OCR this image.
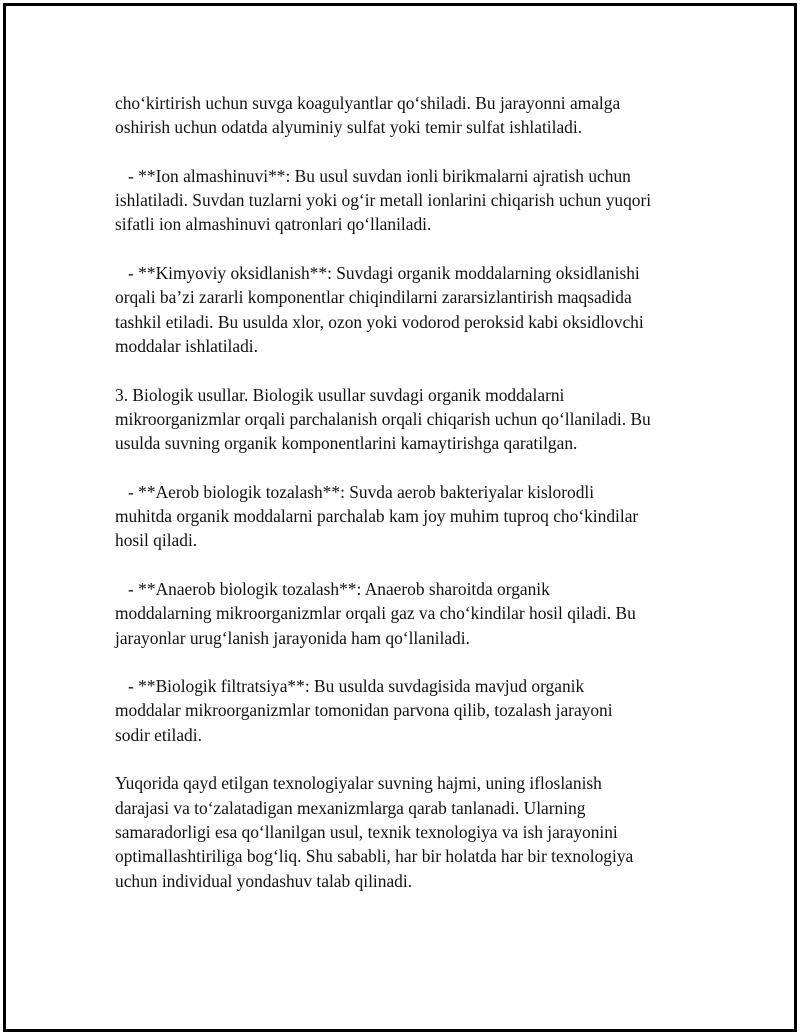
cho‘kirtirish uchun suvga koagulyantlar qo‘shiladi. Bu jarayonni amalga

oshirish uchun odatda alyuminiy sulfat yoki temir sulfat ishlatiladi.

- **Ion almashinuvi**: Bu usul suvdan ionli birikmalarni ajratish uchun

ishlatiladi. Suvdan tuzlarni yoki og‘ir metall ionlarini chiqarish uchun yuqori

sifatli ion almashinuvi qatronlari qo‘llaniladi.

- **Kimyoviy oksidlanish**: Suvdagi organik moddalarning oksidlanishi

orqali ba’zi zararli komponentlar chiqindilarni zararsizlantirish maqsadida

tashkil etiladi. Bu usulda xlor, ozon yoki vodorod peroksid kabi oksidlovchi

moddalar ishlatiladi.

3. Biologik usullar. Biologik usullar suvdagi organik moddalarni

mikroorganizmlar orqali parchalanish orqali chiqarish uchun qo‘llaniladi. Bu

usulda suvning organik komponentlarini kamaytirishga qaratilgan.

- **Aerob biologik tozalash**: Suvda aerob bakteriyalar kislorodli

muhitda organik moddalarni parchalab kam joy muhim tuproq cho‘kindilar

hosil qiladi.

- **Anaerob biologik tozalash**: Anaerob sharoitda organik

moddalarning mikroorganizmlar orqali gaz va cho‘kindilar hosil qiladi. Bu

jarayonlar urug‘lanish jarayonida ham qo‘llaniladi.

- **Biologik filtratsiya**: Bu usulda suvdagisida mavjud organik

moddalar mikroorganizmlar tomonidan parvona qilib, tozalash jarayoni

sodir etiladi.

Yuqorida qayd etilgan texnologiyalar suvning hajmi, uning ifloslanish

darajasi va to‘zalatadigan mexanizmlarga qarab tanlanadi. Ularning

samaradorligi esa qo‘llanilgan usul, texnik texnologiya va ish jarayonini

optimallashtiriliga bog‘liq. Shu sababli, har bir holatda har bir texnologiya

uchun individual yondashuv talab qilinadi.
